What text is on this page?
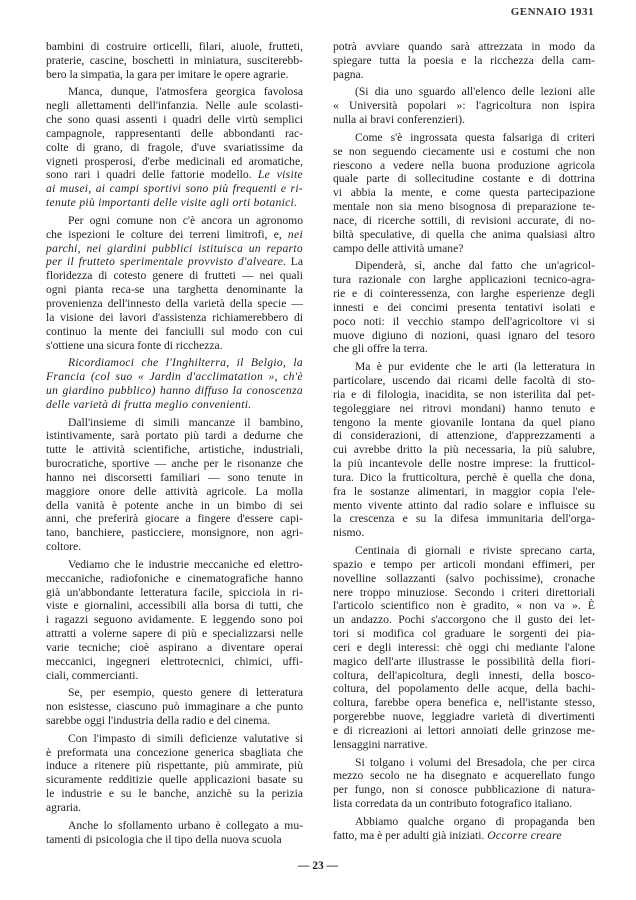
GENNAIO 1931
bambini di costruire orticelli, filari, aiuole, frutteti,
praterie, cascine, boschetti in miniatura, susciterebb-
bero la simpatia, la gara per imitare le opere agrarie.
Manca, dunque, l'atmosfera georgica favolosa
negli allettamenti dell'infanzia. Nelle aule scolasti-
che sono quasi assenti i quadri delle virtù semplici
campagnole, rappresentanti delle abbondanti rac-
colte di grano, di fragole, d'uve svariatissime da
vigneti prosperosi, d'erbe medicinali ed aromatiche,
sono rari i quadri delle fattorie modello. Le visite
ai musei, ai campi sportivi sono più frequenti e ri-
tenute più importanti delle visite agli orti botanici.
Per ogni comune non c'è ancora un agronomo
che ispezioni le colture dei terreni limitrofi, e, nei
parchi, nei giardini pubblici istituisca un reparto
per il frutteto sperimentale provvisto d'alveare. La
floridezza di cotesto genere di frutteti — nei quali
ogni pianta reca-se una targhetta denominante la
provenienza dell'innesto della varietà della specie —
la visione dei lavori d'assistenza richiamerebbero di
continuo la mente dei fanciulli sul modo con cui
s'ottiene una sicura fonte di ricchezza.
Ricordiamoci che l'Inghilterra, il Belgio, la
Francia (col suo « Jardin d'acclimatation », ch'è
un giardino pubblico) hanno diffuso la conoscenza
delle varietà di frutta meglio convenienti.
Dall'insieme di simili mancanze il bambino,
istintivamente, sarà portato più tardi a dedurne che
tutte le attività scientifiche, artistiche, industriali,
burocratiche, sportive — anche per le risonanze che
hanno nei discorsetti familiari — sono tenute in
maggiore onore delle attività agricole. La molla
della vanità è potente anche in un bimbo di sei
anni, che preferirà giocare a fingere d'essere capi-
tano, banchiere, pasticciere, monsignore, non agri-
coltore.
Vediamo che le industrie meccaniche ed elettro-
meccaniche, radiofoniche e cinematografiche hanno
già un'abbondante letteratura facile, spicciola in ri-
viste e giornalini, accessibili alla borsa di tutti, che
i ragazzi seguono avidamente. E leggendo sono poi
attratti a volerne sapere di più e specializzarsi nelle
varie tecniche; cioè aspirano a diventare operai
meccanici, ingegneri elettrotecnici, chimici, uffi-
ciali, commercianti.
Se, per esempio, questo genere di letteratura
non esistesse, ciascuno può immaginare a che punto
sarebbe oggi l'industria della radio e del cinema.
Con l'impasto di simili deficienze valutative si
è preformata una concezione generica sbagliata che
induce a ritenere più rispettante, più ammirate, più
sicuramente redditizie quelle applicazioni basate su
le industrie e su le banche, anzichè su la perizia
agraria.
Anche lo sfollamento urbano è collegato a mu-
tamenti di psicologia che il tipo della nuova scuola
potrà avviare quando sarà attrezzata in modo da
spiegare tutta la poesia e la ricchezza della cam-
pagna.
(Si dia uno sguardo all'elenco delle lezioni alle
« Università popolari »: l'agricoltura non ispira
nulla ai bravi conferenzieri).
Come s'è ingrossata questa falsariga di criteri
se non seguendo ciecamente usi e costumi che non
riescono a vedere nella buona produzione agricola
quale parte di sollecitudine costante e di dottrina
vi abbia la mente, e come questa partecipazione
mentale non sia meno bisognosa di preparazione te-
nace, di ricerche sottili, di revisioni accurate, di no-
biltà speculative, di quella che anima qualsiasi altro
campo delle attività umane?
Dipenderà, sì, anche dal fatto che un'agricol-
tura razionale con larghe applicazioni tecnico-agra-
rie e di cointeressenza, con larghe esperienze degli
innesti e dei concimi presenta tentativi isolati e
poco noti: il vecchio stampo dell'agricoltore vi si
muove digiuno di nozioni, quasi ignaro del tesoro
che gli offre la terra.
Ma è pur evidente che le arti (la letteratura in
particolare, uscendo dai ricami delle facoltà di sto-
ria e di filologia, inacidita, se non isterilita dal pet-
tegoleggiare nei ritrovi mondani) hanno tenuto e
tengono la mente giovanile lontana da quel piano
di considerazioni, di attenzione, d'apprezzamenti a
cui avrebbe dritto la più necessaria, la più salubre,
la più incantevole delle nostre imprese: la frutticol-
tura. Dico la frutticoltura, perchè è quella che dona,
fra le sostanze alimentari, in maggior copia l'ele-
mento vivente attinto dal radio solare e influisce su
la crescenza e su la difesa immunitaria dell'orga-
nismo.
Centinaia di giornali e riviste sprecano carta,
spazio e tempo per articoli mondani effimeri, per
novelline sollazzanti (salvo pochissime), cronache
nere troppo minuziose. Secondo i criteri direttoriali
l'articolo scientifico non è gradito, « non va ». È
un andazzo. Pochi s'accorgono che il gusto dei let-
tori si modifica col graduare le sorgenti dei pia-
ceri e degli interessi: chè oggi chi mediante l'alone
magico dell'arte illustrasse le possibilità della fiori-
coltura, dell'apicoltura, degli innesti, della bosco-
coltura, del popolamento delle acque, della bachi-
coltura, farebbe opera benefica e, nell'istante stesso,
porgerebbe nuove, leggiadre varietà di divertimenti
e di ricreazioni ai lettori annoiati delle grinzose me-
lensaggini narrative.
Si tolgano i volumi del Bresadola, che per circa
mezzo secolo ne ha disegnato e acquerellato fungo
per fungo, non si conosce pubblicazione di natura-
lista corredata da un contributo fotografico italiano.
Abbiamo qualche organo di propaganda ben
fatto, ma è per adulti già iniziati. Occorre creare
— 23 —
